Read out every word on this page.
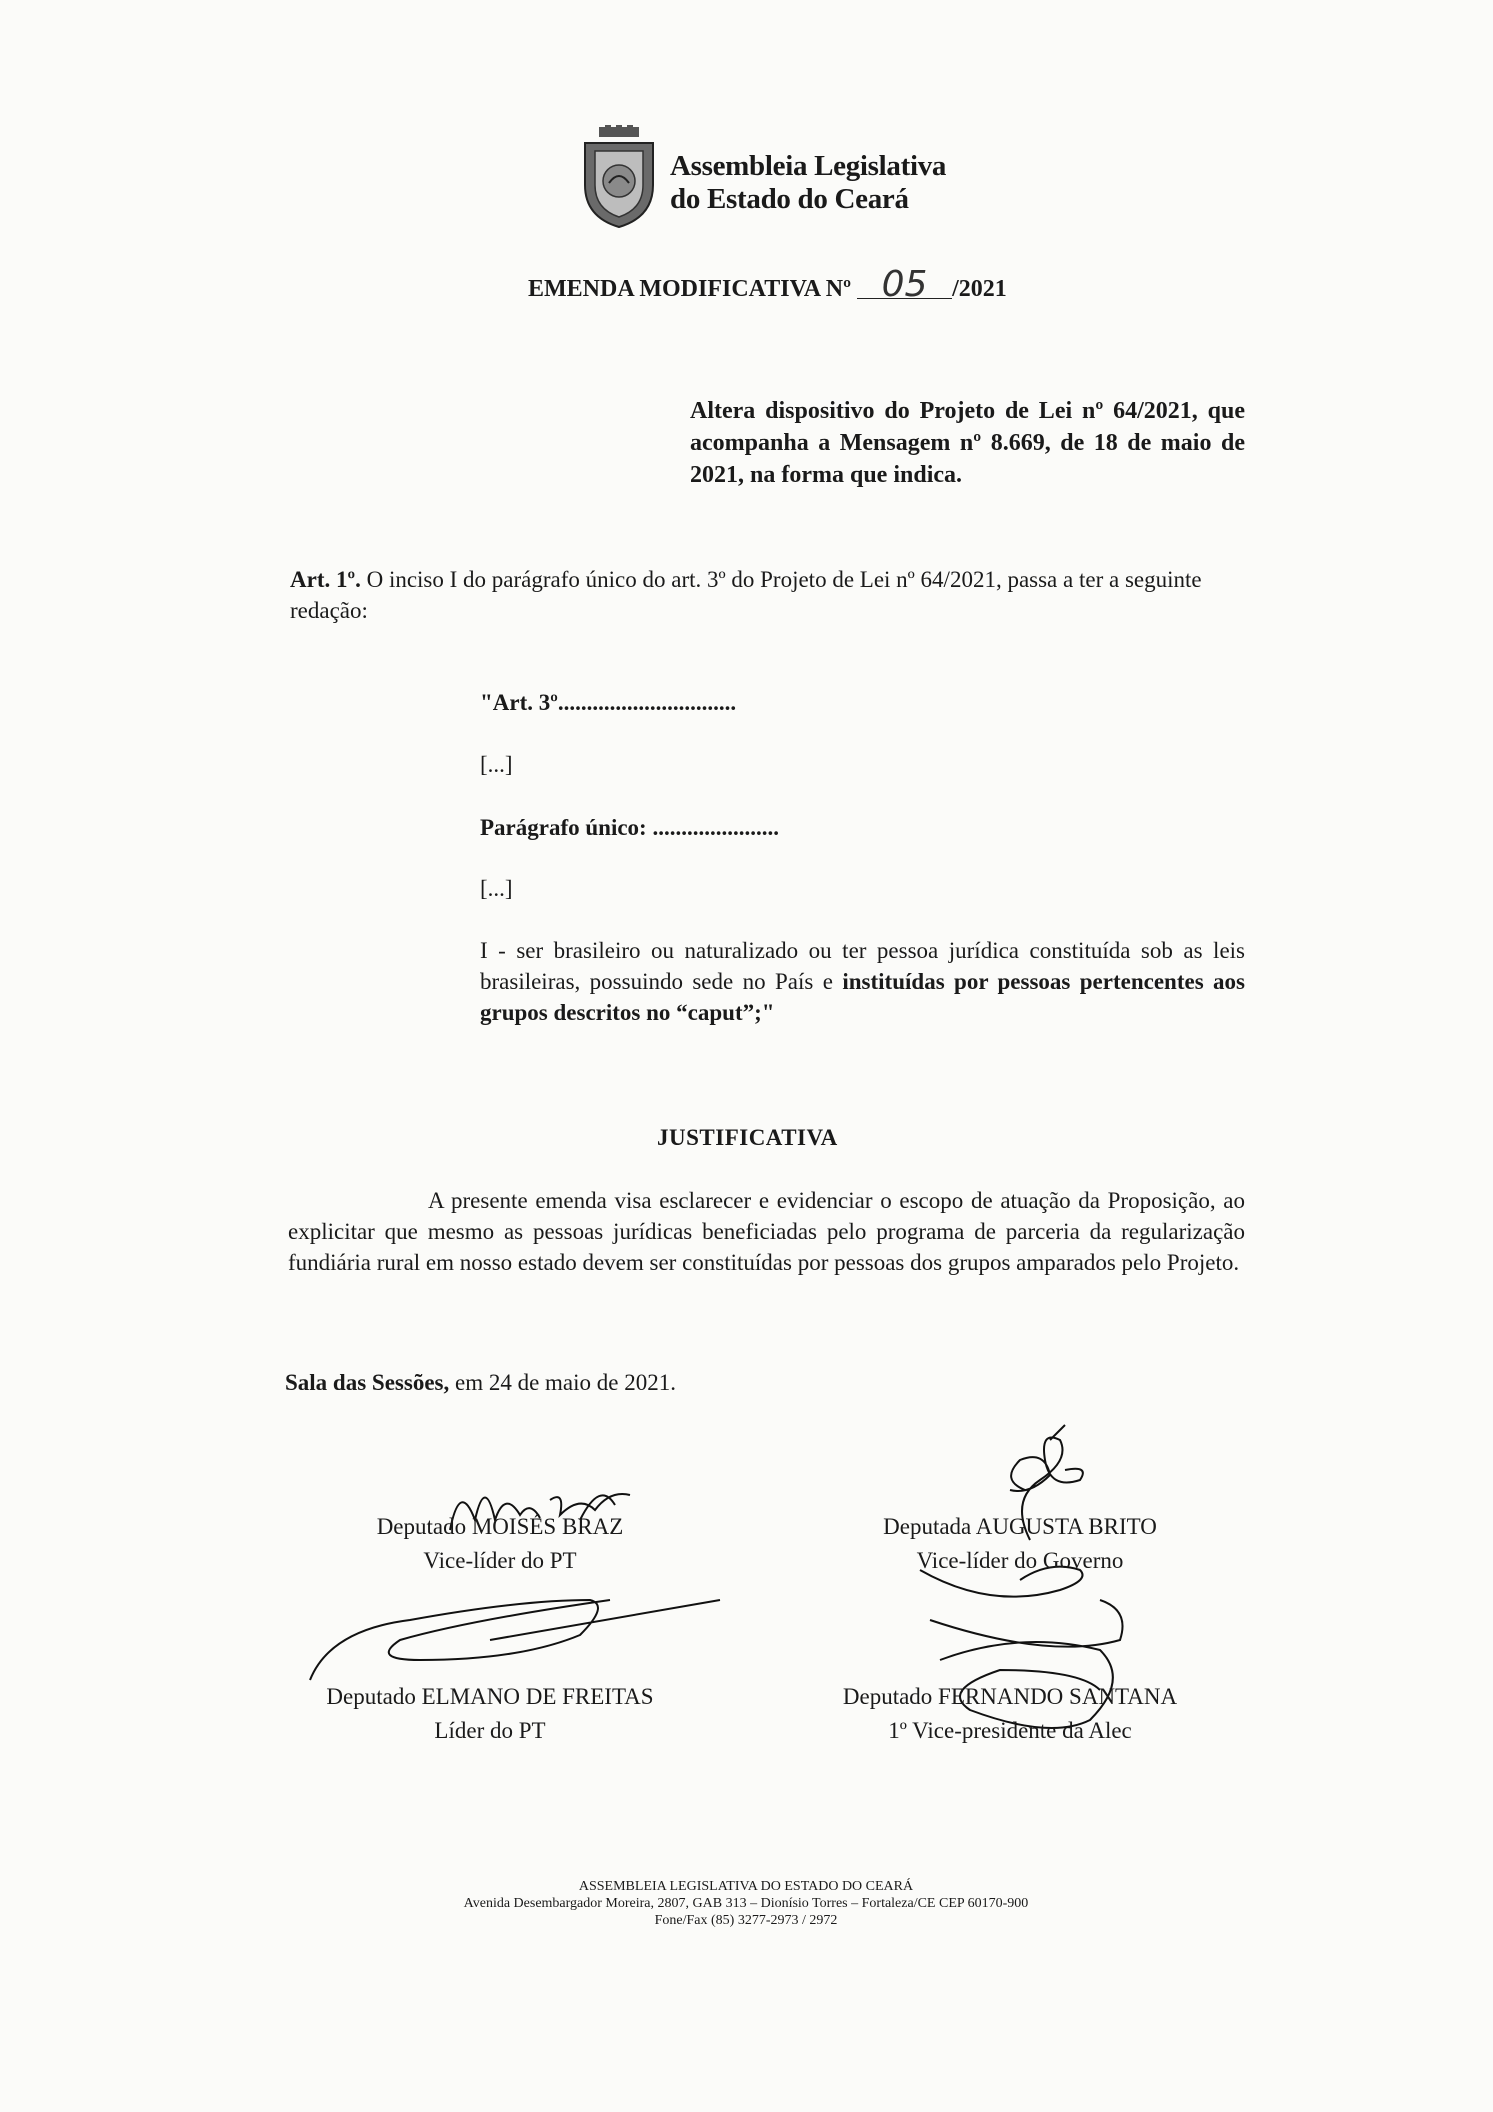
Assembleia Legislativa
do Estado do Ceará
EMENDA MODIFICATIVA Nº 05 /2021
Altera dispositivo do Projeto de Lei nº 64/2021, que acompanha a Mensagem nº 8.669, de 18 de maio de 2021, na forma que indica.
Art. 1º. O inciso I do parágrafo único do art. 3º do Projeto de Lei nº 64/2021, passa a ter a seguinte redação:
"Art. 3º...............................
[...]
Parágrafo único: ......................
[...]
I - ser brasileiro ou naturalizado ou ter pessoa jurídica constituída sob as leis brasileiras, possuindo sede no País e instituídas por pessoas pertencentes aos grupos descritos no “caput”;"
JUSTIFICATIVA
A presente emenda visa esclarecer e evidenciar o escopo de atuação da Proposição, ao explicitar que mesmo as pessoas jurídicas beneficiadas pelo programa de parceria da regularização fundiária rural em nosso estado devem ser constituídas por pessoas dos grupos amparados pelo Projeto.
Sala das Sessões, em 24 de maio de 2021.
Deputado MOISÉS BRAZ
Vice-líder do PT
Deputada AUGUSTA BRITO
Vice-líder do Governo
Deputado ELMANO DE FREITAS
Líder do PT
Deputado FERNANDO SANTANA
1º Vice-presidente da Alec
ASSEMBLEIA LEGISLATIVA DO ESTADO DO CEARÁ
Avenida Desembargador Moreira, 2807, GAB 313 – Dionísio Torres – Fortaleza/CE CEP 60170-900
Fone/Fax (85) 3277-2973 / 2972
